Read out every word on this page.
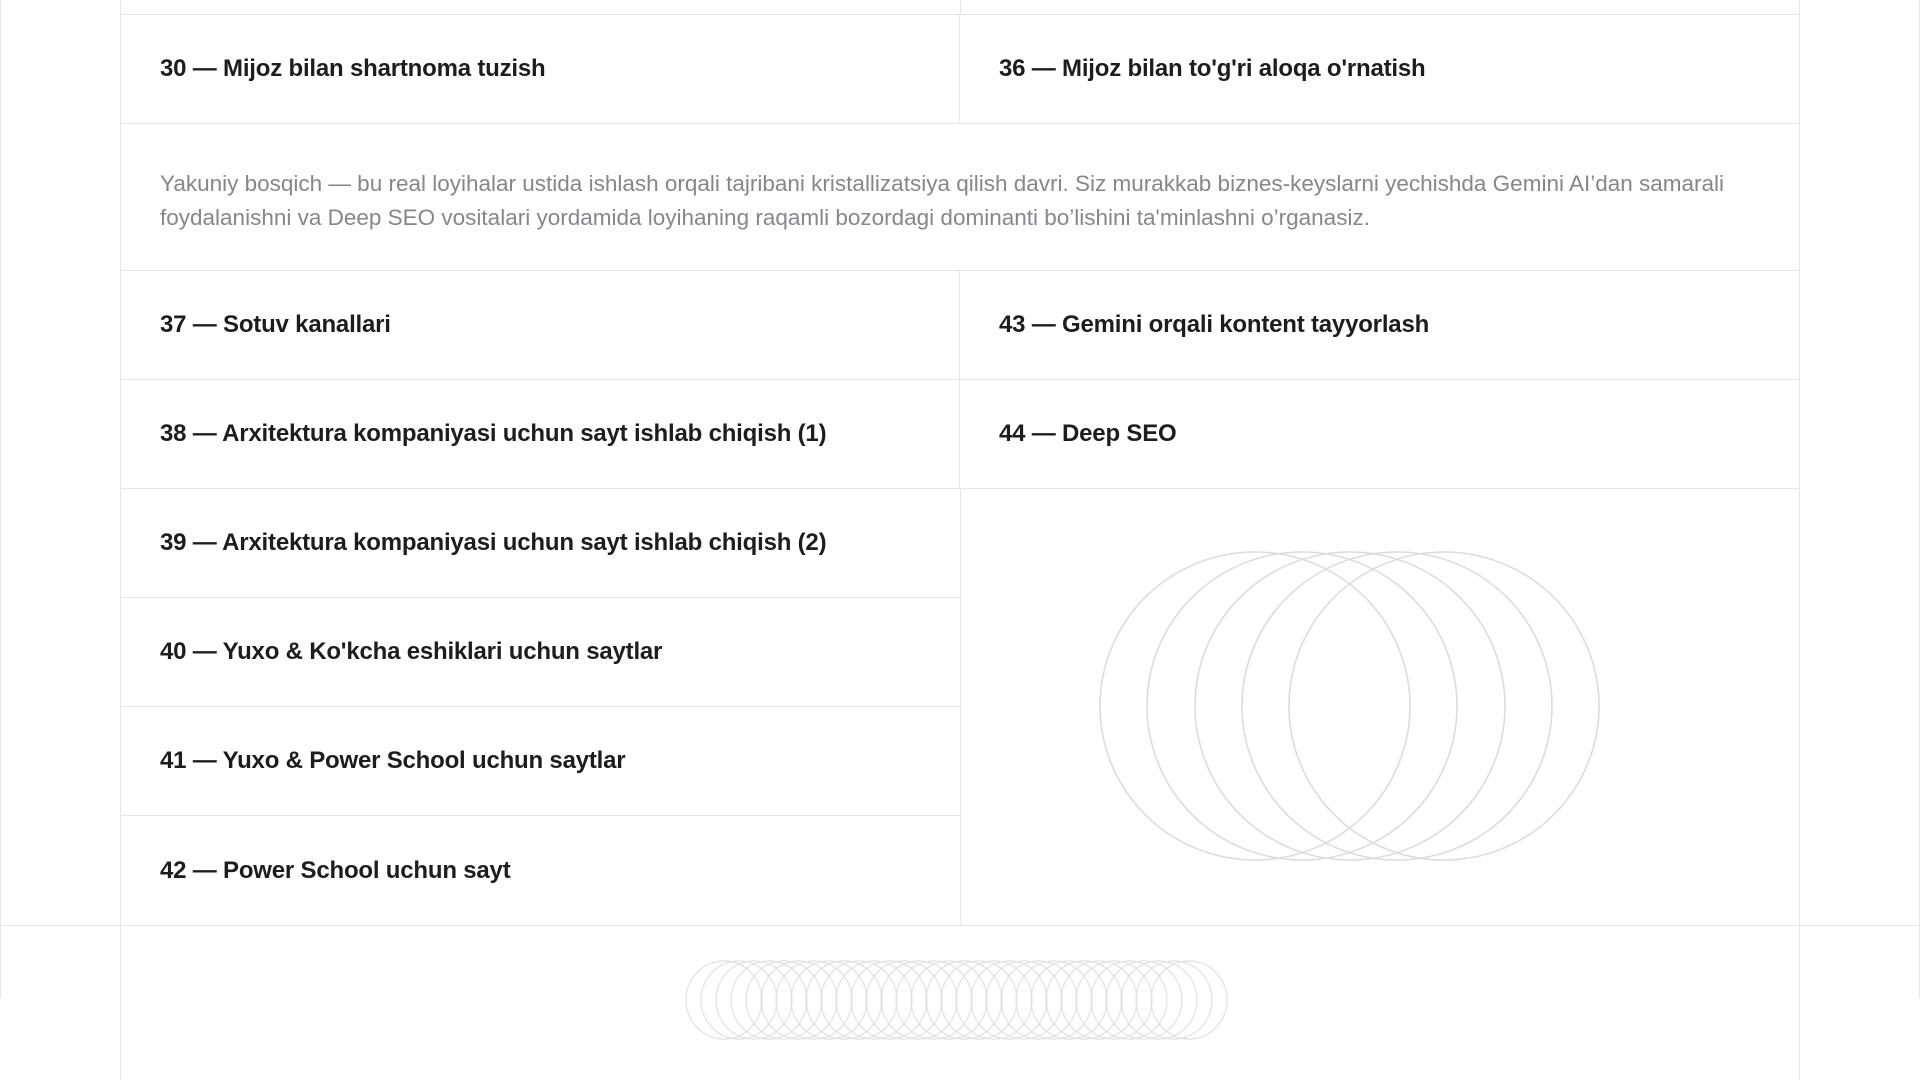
30 — Mijoz bilan shartnoma tuzish	36 — Mijoz bilan to'g'ri aloqa o'rnatish
Yakuniy bosqich — bu real loyihalar ustida ishlash orqali tajribani kristallizatsiya qilish davri. Siz murakkab biznes-keyslarni yechishda Gemini AI’dan samarali foydalanishni va Deep SEO vositalari yordamida loyihaning raqamli bozordagi dominanti bo’lishini ta'minlashni o’rganasiz.
37 — Sotuv kanallari	43 — Gemini orqali kontent tayyorlash
38 — Arxitektura kompaniyasi uchun sayt ishlab chiqish (1)	44 — Deep SEO
39 — Arxitektura kompaniyasi uchun sayt ishlab chiqish (2)
40 — Yuxo & Ko'kcha eshiklari uchun saytlar
41 — Yuxo & Power School uchun saytlar
42 — Power School uchun sayt
